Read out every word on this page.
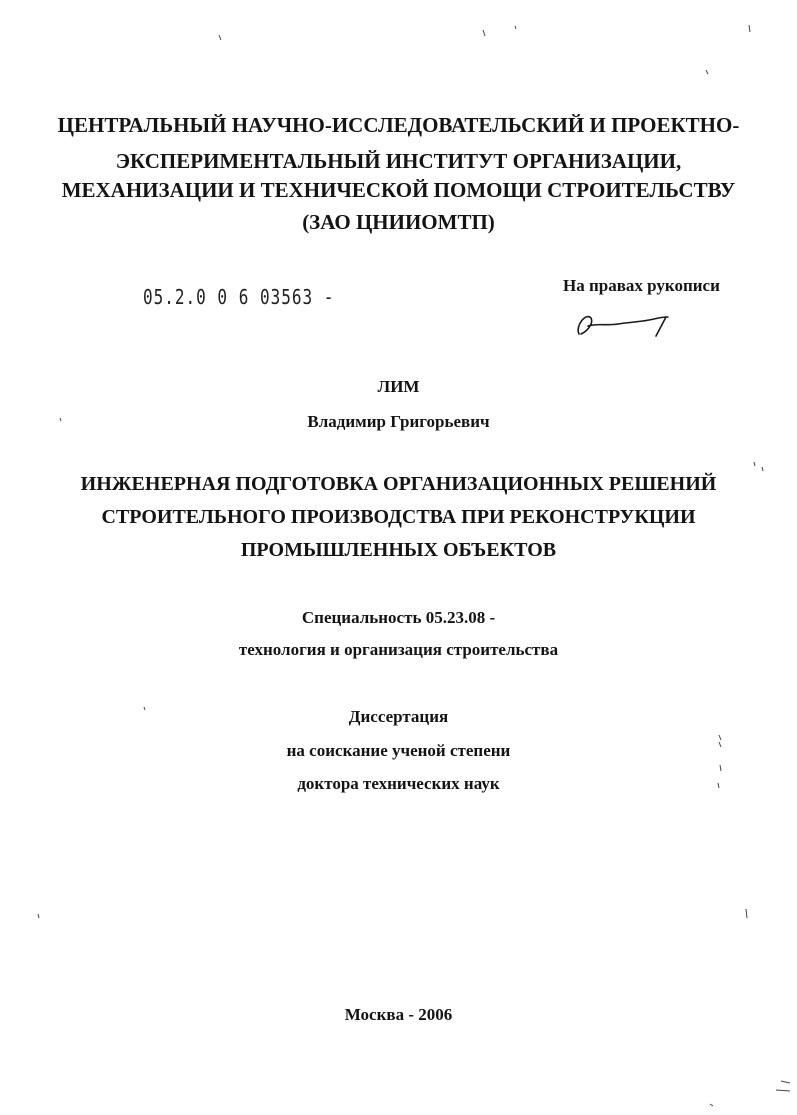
ЦЕНТРАЛЬНЫЙ НАУЧНО-ИССЛЕДОВАТЕЛЬСКИЙ И ПРОЕКТНО-
ЭКСПЕРИМЕНТАЛЬНЫЙ ИНСТИТУТ ОРГАНИЗАЦИИ,
МЕХАНИЗАЦИИ И ТЕХНИЧЕСКОЙ ПОМОЩИ СТРОИТЕЛЬСТВУ
(ЗАО ЦНИИОМТП)
05.2.0 0 6 03563 -	На правах рукописи
ЛИМ
Владимир Григорьевич
ИНЖЕНЕРНАЯ ПОДГОТОВКА ОРГАНИЗАЦИОННЫХ РЕШЕНИЙ
СТРОИТЕЛЬНОГО ПРОИЗВОДСТВА ПРИ РЕКОНСТРУКЦИИ
ПРОМЫШЛЕННЫХ ОБЪЕКТОВ
Специальность 05.23.08 -
технология и организация строительства
Диссертация
на соискание ученой степени
доктора технических наук
Москва - 2006
